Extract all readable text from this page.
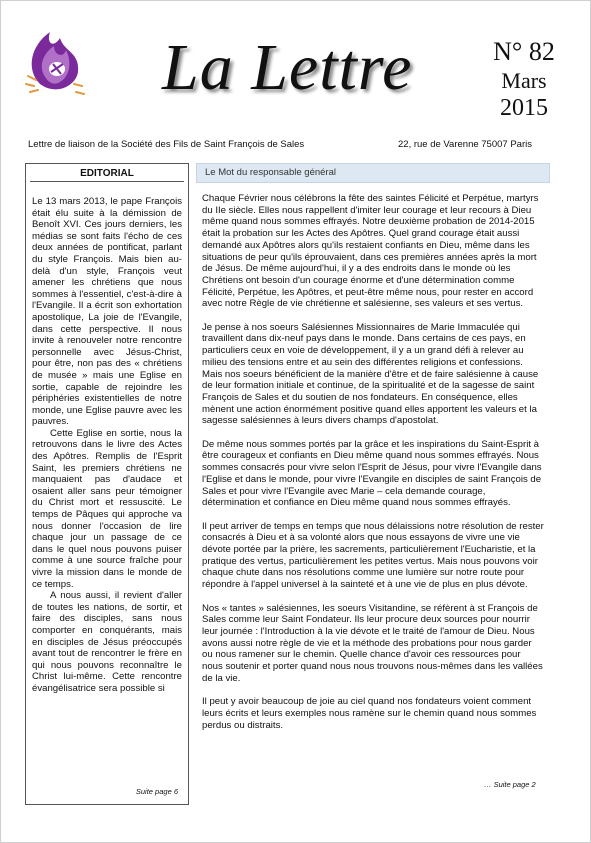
La Lettre	N° 82
Mars
2015
Lettre de liaison de la Société des Fils de Saint François de Sales	22, rue de Varenne 75007 Paris
EDITORIAL

Le 13 mars 2013, le pape François était élu suite à la démission de Benoît XVI. Ces jours derniers, les médias se sont faits l'écho de ces deux années de pontificat, parlant du style François. Mais bien au-delà d'un style, François veut amener les chrétiens que nous sommes à l'essentiel, c'est-à-dire à l'Evangile. Il a écrit son exhortation apostolique, La joie de l'Evangile, dans cette perspective. Il nous invite à renouveler notre rencontre personnelle avec Jésus-Christ, pour être, non pas des « chrétiens de musée » mais une Eglise en sortie, capable de rejoindre les périphéries existentielles de notre monde, une Eglise pauvre avec les pauvres.

Cette Eglise en sortie, nous la retrouvons dans le livre des Actes des Apôtres. Remplis de l'Esprit Saint, les premiers chrétiens ne manquaient pas d'audace et osaient aller sans peur témoigner du Christ mort et ressuscité. Le temps de Pâques qui approche va nous donner l'occasion de lire chaque jour un passage de ce dans le quel nous pouvons puiser comme à une source fraîche pour vivre la mission dans le monde de ce temps.

A nous aussi, il revient d'aller de toutes les nations, de sortir, et faire des disciples, sans nous comporter en conquérants, mais en disciples de Jésus préoccupés avant tout de rencontrer le frère en qui nous pouvons reconnaître le Christ lui-même. Cette rencontre évangélisatrice sera possible si

Suite page 6
Le Mot du responsable général

Chaque Février nous célébrons la fête des saintes Félicité et Perpétue, martyrs du IIe siècle. Elles nous rappellent d'imiter leur courage et leur recours à Dieu même quand nous sommes effrayés. Notre deuxième probation de 2014-2015 était la probation sur les Actes des Apôtres. Quel grand courage était aussi demandé aux Apôtres alors qu'ils restaient confiants en Dieu, même dans les situations de peur qu'ils éprouvaient, dans ces premières années après la mort de Jésus. De même aujourd'hui, il y a des endroits dans le monde où les Chrétiens ont besoin d'un courage énorme et d'une détermination comme Félicité, Perpétue, les Apôtres, et peut-être même nous, pour rester en accord avec notre Règle de vie chrétienne et salésienne, ses valeurs et ses vertus.

Je pense à nos soeurs Salésiennes Missionnaires de Marie Immaculée qui travaillent dans dix-neuf pays dans le monde. Dans certains de ces pays, en particuliers ceux en voie de développement, il y a un grand défi à relever au milieu des tensions entre et au sein des différentes religions et confessions. Mais nos soeurs bénéficient de la manière d'être et de faire salésienne à cause de leur formation initiale et continue, de la spiritualité et de la sagesse de saint François de Sales et du soutien de nos fondateurs. En conséquence, elles mènent une action énormément positive quand elles apportent les valeurs et la sagesse salésiennes à leurs divers champs d'apostolat.

De même nous sommes portés par la grâce et les inspirations du Saint-Esprit à être courageux et confiants en Dieu même quand nous sommes effrayés. Nous sommes consacrés pour vivre selon l'Esprit de Jésus, pour vivre l'Evangile dans l'Eglise et dans le monde, pour vivre l'Evangile en disciples de saint François de Sales et pour vivre l'Evangile avec Marie – cela demande courage, détermination et confiance en Dieu même quand nous sommes effrayés.

Il peut arriver de temps en temps que nous délaissions notre résolution de rester consacrés à Dieu et à sa volonté alors que nous essayons de vivre une vie dévote portée par la prière, les sacrements, particulièrement l'Eucharistie, et la pratique des vertus, particulièrement les petites vertus. Mais nous pouvons voir chaque chute dans nos résolutions comme une lumière sur notre route pour répondre à l'appel universel à la sainteté et à une vie de plus en plus dévote.

Nos « tantes » salésiennes, les soeurs Visitandine, se réfèrent à st François de Sales comme leur Saint Fondateur. Ils leur procure deux sources pour nourrir leur journée : l'Introduction à la vie dévote et le traité de l'amour de Dieu. Nous avons aussi notre règle de vie et la méthode des probations pour nous garder ou nous ramener sur le chemin. Quelle chance d'avoir ces ressources pour nous soutenir et porter quand nous nous trouvons nous-mêmes dans les vallées de la vie.

Il peut y avoir beaucoup de joie au ciel quand nos fondateurs voient comment leurs écrits et leurs exemples nous ramène sur le chemin quand nous sommes perdus ou distraits.

… Suite page 2
